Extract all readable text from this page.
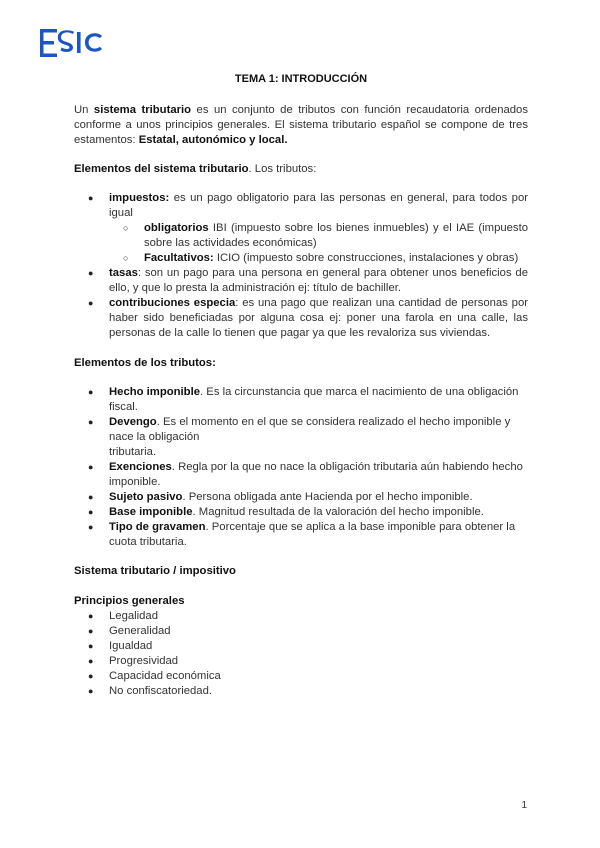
TEMA 1: INTRODUCCIÓN

Un sistema tributario es un conjunto de tributos con función recaudatoria ordenados conforme a unos principios generales. El sistema tributario español se compone de tres estamentos: Estatal, autonómico y local.

Elementos del sistema tributario. Los tributos:

● impuestos: es un pago obligatorio para las personas en general, para todos por igual
○ obligatorios IBI (impuesto sobre los bienes inmuebles) y el IAE (impuesto sobre las actividades económicas)
○ Facultativos: ICIO (impuesto sobre construcciones, instalaciones y obras)
● tasas: son un pago para una persona en general para obtener unos beneficios de ello, y que lo presta la administración ej: título de bachiller.
● contribuciones especia: es una pago que realizan una cantidad de personas por haber sido beneficiadas por alguna cosa ej: poner una farola en una calle, las personas de la calle lo tienen que pagar ya que les revaloriza sus viviendas.

Elementos de los tributos:

● Hecho imponible. Es la circunstancia que marca el nacimiento de una obligación fiscal.
● Devengo. Es el momento en el que se considera realizado el hecho imponible y nace la obligación
tributaria.
● Exenciones. Regla por la que no nace la obligación tributaria aún habiendo hecho imponible.
● Sujeto pasivo. Persona obligada ante Hacienda por el hecho imponible.
● Base imponible. Magnitud resultada de la valoración del hecho imponible.
● Tipo de gravamen. Porcentaje que se aplica a la base imponible para obtener la cuota tributaria.

Sistema tributario / impositivo

Principios generales

● Legalidad
● Generalidad
● Igualdad
● Progresividad
● Capacidad económica
● No confiscatoriedad.
1
